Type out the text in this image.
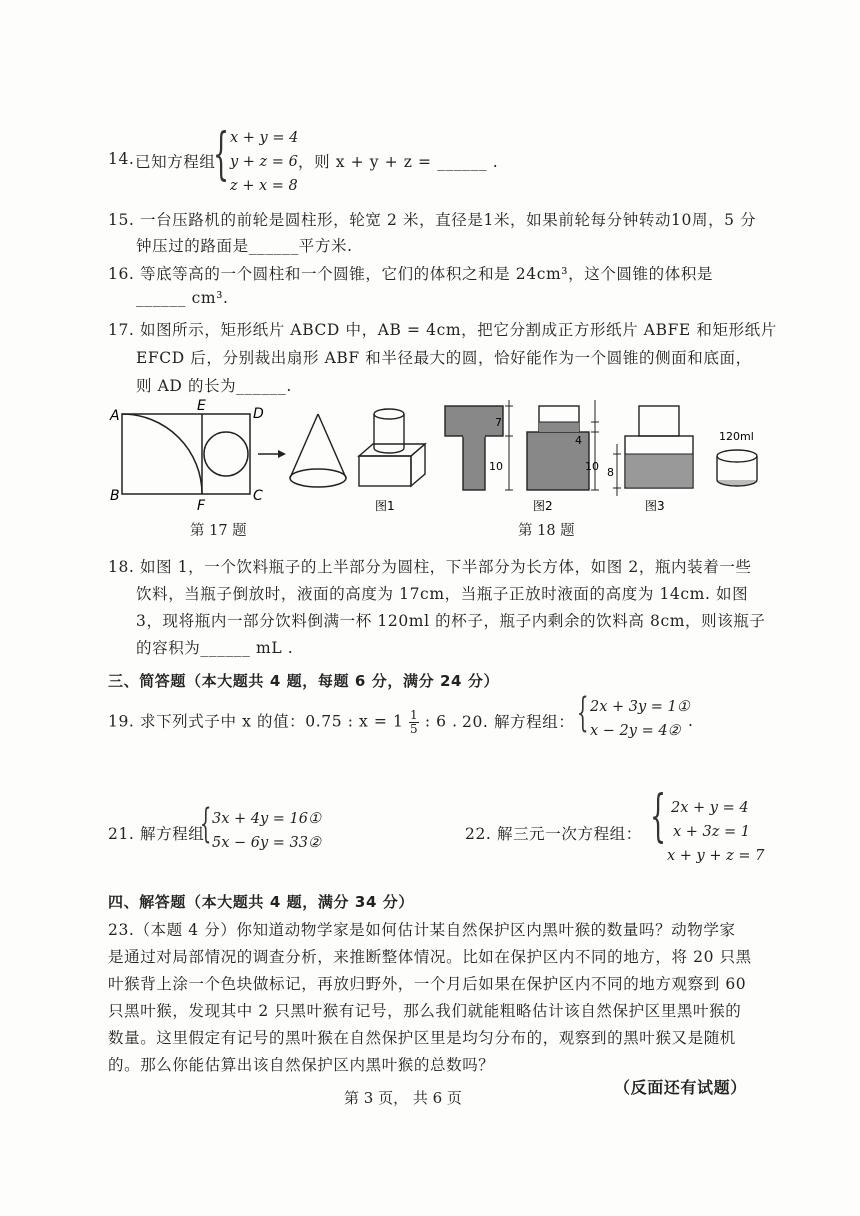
14. 已知方程组
{ x + y = 4
y + z = 6
z + x = 8
，则 x + y + z = ______ .
15. 一台压路机的前轮是圆柱形，轮宽 2 米，直径是1米，如果前轮每分钟转动10周，5 分
钟压过的路面是______平方米.
16. 等底等高的一个圆柱和一个圆锥，它们的体积之和是 24cm³，这个圆锥的体积是
______ cm³.
17. 如图所示，矩形纸片 ABCD 中，AB = 4cm，把它分割成正方形纸片 ABFE 和矩形纸片
EFCD 后，分别裁出扇形 ABF 和半径最大的圆，恰好能作为一个圆锥的侧面和底面，
则 AD 的长为______.
A
E	D
B
F
C
图1
7
10
4
10
图2
8
图3
120ml
第 17 题	第 18 题
18. 如图 1，一个饮料瓶子的上半部分为圆柱，下半部分为长方体，如图 2，瓶内装着一些
饮料，当瓶子倒放时，液面的高度为 17cm，当瓶子正放时液面的高度为 14cm. 如图
3，现将瓶内一部分饮料倒满一杯 120ml 的杯子，瓶子内剩余的饮料高 8cm，则该瓶子
的容积为______ mL .
三、简答题（本大题共 4 题，每题 6 分，满分 24 分）
19. 求下列式子中 x 的值：0.75 : $x = 1 \frac{1}{5}$ : 6 . 20. 解方程组： { 2x + 3y = 1①
x − 2y = 4②
.
21. 解方程组
{ 3x + 4y = 16①
5x − 6y = 33②	22. 解三元一次方程组： { 2x + y = 4
x + 3z = 1
x + y + z = 7
四、解答题（本大题共 4 题，满分 34 分）
23.（本题 4 分）你知道动物学家是如何估计某自然保护区内黑叶猴的数量吗？动物学家
是通过对局部情况的调查分析，来推断整体情况。比如在保护区内不同的地方，将 20 只黑
叶猴背上涂一个色块做标记，再放归野外，一个月后如果在保护区内不同的地方观察到 60
只黑叶猴，发现其中 2 只黑叶猴有记号，那么我们就能粗略估计该自然保护区里黑叶猴的
数量。这里假定有记号的黑叶猴在自然保护区里是均匀分布的，观察到的黑叶猴又是随机
的。那么你能估算出该自然保护区内黑叶猴的总数吗？
（反面还有试题）
第 3 页， 共 6 页
